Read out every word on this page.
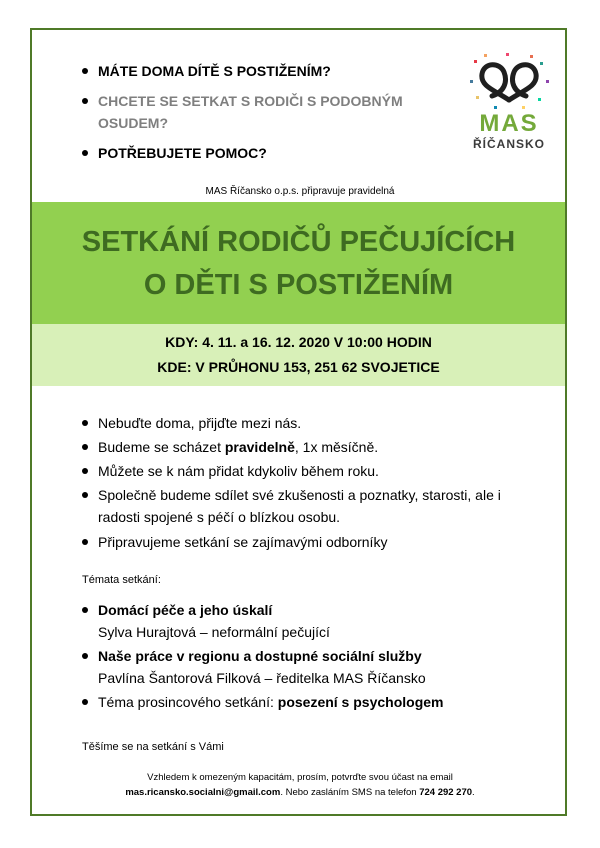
MÁTE DOMA DÍTĚ S POSTIŽENÍM?
CHCETE SE SETKAT S RODIČI S PODOBNÝM OSUDEM?
POTŘEBUJETE POMOC?
MAS
ŘÍČANSKO
MAS Říčansko o.p.s. připravuje pravidelná
SETKÁNÍ RODIČŮ PEČUJÍCÍCH
O DĚTI S POSTIŽENÍM
KDY: 4. 11. a 16. 12. 2020 V 10:00 HODIN
KDE: V PRŮHONU 153, 251 62 SVOJETICE
Nebuďte doma, přijďte mezi nás.
Budeme se scházet pravidelně, 1x měsíčně.
Můžete se k nám přidat kdykoliv během roku.
Společně budeme sdílet své zkušenosti a poznatky, starosti, ale i radosti spojené s péčí o blízkou osobu.
Připravujeme setkání se zajímavými odborníky
Témata setkání:
Domácí péče a jeho úskalí
Sylva Hurajtová – neformální pečující
Naše práce v regionu a dostupné sociální služby
Pavlína Šantorová Filková – ředitelka MAS Říčansko
Téma prosincového setkání: posezení s psychologem
Těšíme se na setkání s Vámi
Vzhledem k omezeným kapacitám, prosím, potvrďte svou účast na email
mas.ricansko.socialni@gmail.com. Nebo zasláním SMS na telefon 724 292 270.
